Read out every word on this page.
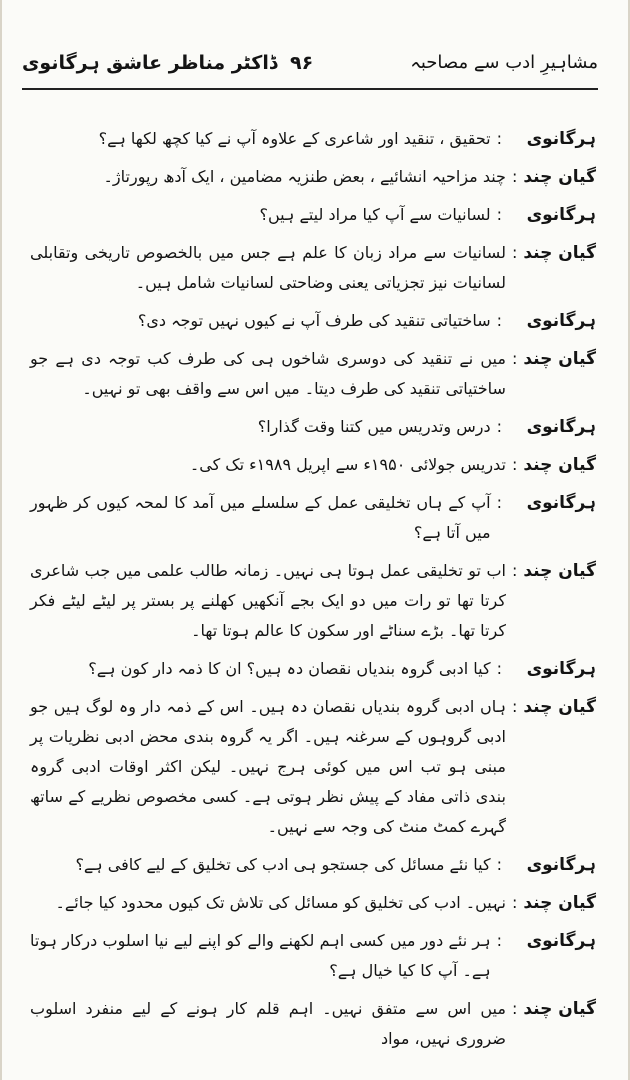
ڈاکٹر مناظر عاشق ہرگانوی ۹۶	مشاہیرِ ادب سے مصاحبہ
ہرگانوی
:
تحقیق ، تنقید اور شاعری کے علاوہ آپ نے کیا کچھ لکھا ہے؟
گیان چند
:
چند مزاحیہ انشائیے ، بعض طنزیہ مضامین ، ایک آدھ رپورتاژ۔
ہرگانوی
:
لسانیات سے آپ کیا مراد لیتے ہیں؟
گیان چند
:
لسانیات سے مراد زبان کا علم ہے جس میں بالخصوص تاریخی وتقابلی لسانیات نیز تجزیاتی یعنی وضاحتی لسانیات شامل ہیں۔
ہرگانوی
:
ساختیاتی تنقید کی طرف آپ نے کیوں نہیں توجہ دی؟
گیان چند
:
میں نے تنقید کی دوسری شاخوں ہی کی طرف کب توجہ دی ہے جو ساختیاتی تنقید کی طرف دیتا۔ میں اس سے واقف بھی تو نہیں۔
ہرگانوی
:
درس وتدریس میں کتنا وقت گذارا؟
گیان چند
:
تدریس جولائی ۱۹۵۰ء سے اپریل ۱۹۸۹ء تک کی۔
ہرگانوی
:
آپ کے ہاں تخلیقی عمل کے سلسلے میں آمد کا لمحہ کیوں کر ظہور میں آتا ہے؟
گیان چند
:
اب تو تخلیقی عمل ہوتا ہی نہیں۔ زمانہ طالب علمی میں جب شاعری کرتا تھا تو رات میں دو ایک بجے آنکھیں کھلنے پر بستر پر لیٹے لیٹے فکر کرتا تھا۔ بڑے سناٹے اور سکون کا عالم ہوتا تھا۔
ہرگانوی
:
کیا ادبی گروہ بندیاں نقصان دہ ہیں؟ ان کا ذمہ دار کون ہے؟
گیان چند
:
ہاں ادبی گروہ بندیاں نقصان دہ ہیں۔ اس کے ذمہ دار وہ لوگ ہیں جو ادبی گروہوں کے سرغنہ ہیں۔ اگر یہ گروہ بندی محض ادبی نظریات پر مبنی ہو تب اس میں کوئی ہرج نہیں۔ لیکن اکثر اوقات ادبی گروہ بندی ذاتی مفاد کے پیش نظر ہوتی ہے۔ کسی مخصوص نظریے کے ساتھ گہرے کمٹ منٹ کی وجہ سے نہیں۔
ہرگانوی
:
کیا نئے مسائل کی جستجو ہی ادب کی تخلیق کے لیے کافی ہے؟
گیان چند
:
نہیں۔ ادب کی تخلیق کو مسائل کی تلاش تک کیوں محدود کیا جائے۔
ہرگانوی
:
ہر نئے دور میں کسی اہم لکھنے والے کو اپنے لیے نیا اسلوب درکار ہوتا ہے۔ آپ کا کیا خیال ہے؟
گیان چند
:
میں اس سے متفق نہیں۔ اہم قلم کار ہونے کے لیے منفرد اسلوب ضروری نہیں، مواد
